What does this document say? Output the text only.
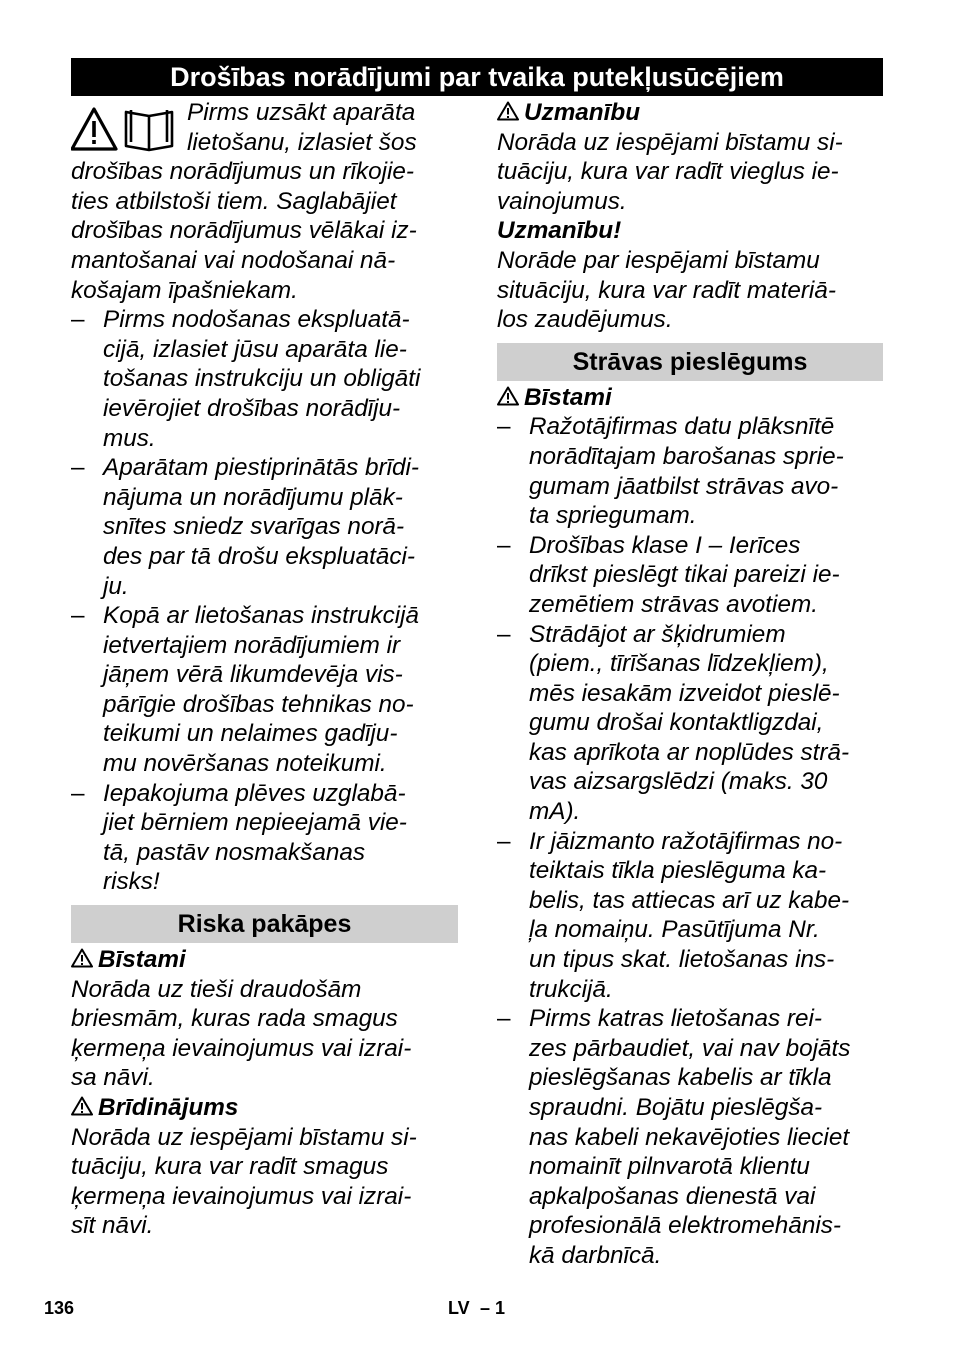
Drošības norādījumi par tvaika putekļusūcējiem
Pirms uzsākt aparāta
lietošanu, izlasiet šos
drošības norādījumus un rīkojie-
ties atbilstoši tiem. Saglabājiet
drošības norādījumus vēlākai iz-
mantošanai vai nodošanai nā-
košajam īpašniekam.
– Pirms nodošanas ekspluatā-
cijā, izlasiet jūsu aparāta lie-
tošanas instrukciju un obligāti
ievērojiet drošības norādīju-
mus.
– Aparātam piestiprinātās brīdi-
nājuma un norādījumu plāk-
snītes sniedz svarīgas norā-
des par tā drošu ekspluatāci-
ju.
– Kopā ar lietošanas instrukcijā
ietvertajiem norādījumiem ir
jāņem vērā likumdevēja vis-
pārīgie drošības tehnikas no-
teikumi un nelaimes gadīju-
mu novēršanas noteikumi.
– Iepakojuma plēves uzglabā-
jiet bērniem nepieejamā vie-
tā, pastāv nosmakšanas
risks!
Riska pakāpes
Bīstami
Norāda uz tieši draudošām
briesmām, kuras rada smagus
ķermeņa ievainojumus vai izrai-
sa nāvi.
Brīdinājums
Norāda uz iespējami bīstamu si-
tuāciju, kura var radīt smagus
ķermeņa ievainojumus vai izrai-
sīt nāvi.
Uzmanību
Norāda uz iespējami bīstamu si-
tuāciju, kura var radīt vieglus ie-
vainojumus.
Uzmanību!
Norāde par iespējami bīstamu
situāciju, kura var radīt materiā-
los zaudējumus.
Strāvas pieslēgums
Bīstami
– Ražotājfirmas datu plāksnītē
norādītajam barošanas sprie-
gumam jāatbilst strāvas avo-
ta spriegumam.
– Drošības klase I – Ierīces
drīkst pieslēgt tikai pareizi ie-
zemētiem strāvas avotiem.
– Strādājot ar šķidrumiem
(piem., tīrīšanas līdzekļiem),
mēs iesakām izveidot pieslē-
gumu drošai kontaktligzdai,
kas aprīkota ar noplūdes strā-
vas aizsargslēdzi (maks. 30
mA).
– Ir jāizmanto ražotājfirmas no-
teiktais tīkla pieslēguma ka-
belis, tas attiecas arī uz kabe-
ļa nomaiņu. Pasūtījuma Nr.
un tipus skat. lietošanas ins-
trukcijā.
– Pirms katras lietošanas rei-
zes pārbaudiet, vai nav bojāts
pieslēgšanas kabelis ar tīkla
spraudni. Bojātu pieslēgša-
nas kabeli nekavējoties lieciet
nomainīt pilnvarotā klientu
apkalpošanas dienestā vai
profesionālā elektromehānis-
kā darbnīcā.
136	LV – 1
